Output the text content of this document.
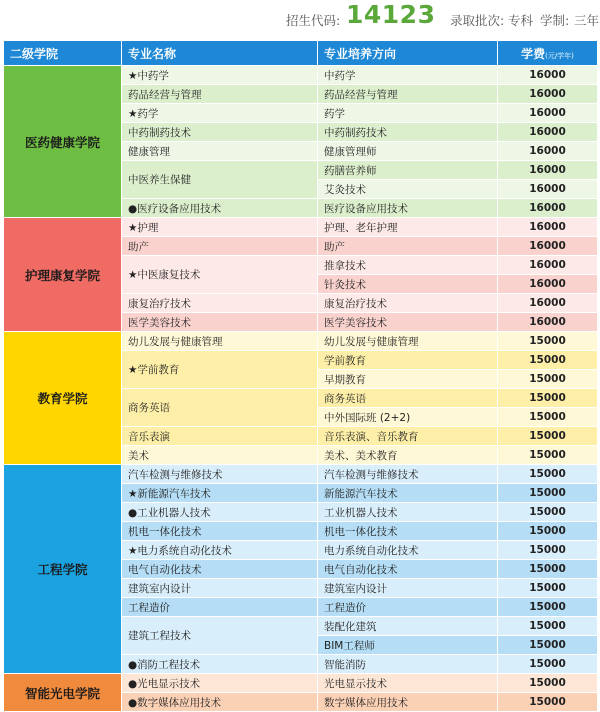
招生代码: 14123 录取批次: 专科 学制: 三年
二级学院	专业名称	专业培养方向	学费(元/学年)
医药健康学院	★中药学	中药学	16000
	药品经营与管理	药品经营与管理	16000
	★药学	药学	16000
	中药制药技术	中药制药技术	16000
	健康管理	健康管理师	16000
	中医养生保健	药膳营养师	16000
		艾灸技术	16000
	●医疗设备应用技术	医疗设备应用技术	16000
护理康复学院	★护理	护理、老年护理	16000
	助产	助产	16000
	★中医康复技术	推拿技术	16000
		针灸技术	16000
	康复治疗技术	康复治疗技术	16000
	医学美容技术	医学美容技术	16000
教育学院	幼儿发展与健康管理	幼儿发展与健康管理	15000
	★学前教育	学前教育	15000
		早期教育	15000
	商务英语	商务英语	15000
		中外国际班 (2+2)	15000
	音乐表演	音乐表演、音乐教育	15000
	美术	美术、美术教育	15000
工程学院	汽车检测与维修技术	汽车检测与维修技术	15000
	★新能源汽车技术	新能源汽车技术	15000
	●工业机器人技术	工业机器人技术	15000
	机电一体化技术	机电一体化技术	15000
	★电力系统自动化技术	电力系统自动化技术	15000
	电气自动化技术	电气自动化技术	15000
	建筑室内设计	建筑室内设计	15000
	工程造价	工程造价	15000
	建筑工程技术	装配化建筑	15000
		BIM工程师	15000
	●消防工程技术	智能消防	15000
智能光电学院	●光电显示技术	光电显示技术	15000
	●数字媒体应用技术	数字媒体应用技术	15000
